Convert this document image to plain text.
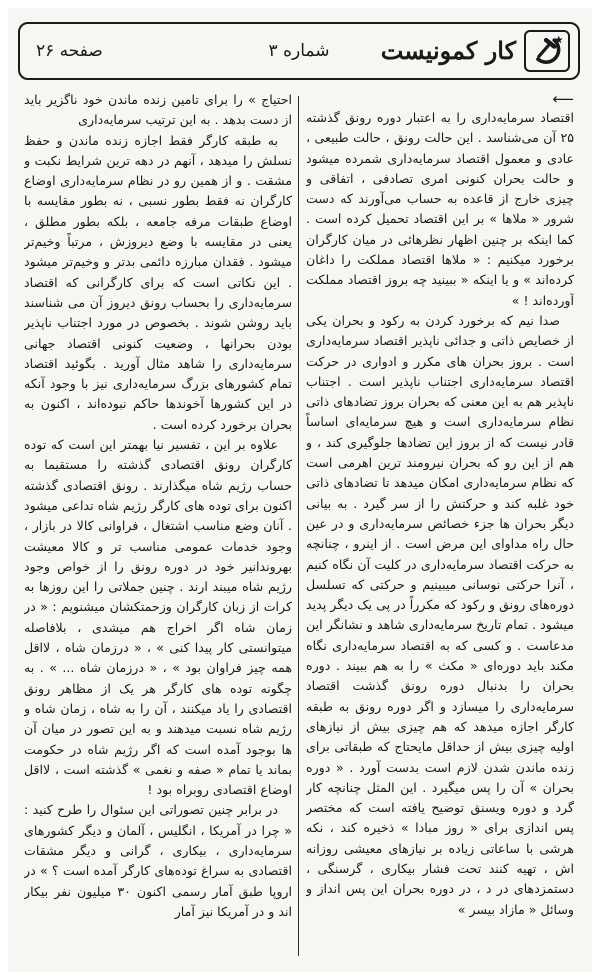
کار کمونیست
شماره ۳
صفحه ۲۶
⟵

اقتصاد سرمایه‌داری را به اعتبار دوره رونق گذشته ۲۵ آن می‌شناسد . این حالت رونق ، حالت طبیعی ، عادی و معمول اقتصاد سرمایه‌داری شمرده میشود و حالت بحران کنونی امری تصادفی ، اتفاقی و چیزی خارج از قاعده به حساب می‌آورند که دست شرور « ملاها » بر این اقتصاد تحمیل کرده است . کما اینکه بر چنین اظهار نظرهائی در میان کارگران برخورد میکنیم : « ملاها اقتصاد مملکت را داغان کرده‌اند » و یا اینکه « ببینید چه بروز اقتصاد مملکت آورده‌اند ! »

صدا نیم که برخورد کردن به رکود و بحران یکی از خصایص ذاتی و جدائی ناپذیر اقتصاد سرمایه‌داری است . بروز بحران های مکرر و ادواری در حرکت اقتصاد سرمایه‌داری اجتناب ناپذیر است . اجتناب ناپذیر هم به این معنی که بحران بروز تضادهای ذاتی نظام سرمایه‌داری است و هیچ سرمایه‌ای اساساً قادر نیست که از بروز این تضادها جلوگیری کند ، و هم از این رو که بحران نیرومند ترین اهرمی است که نظام سرمایه‌داری امکان میدهد تا تضادهای ذاتی خود غلبه کند و حرکتش را از سر گیرد . به بیانی دیگر بحران ها جزء خصائص سرمایه‌داری و در عین حال راه مداوای این مرض است . از اینرو ، چنانچه به حرکت اقتصاد سرمایه‌داری در کلیت آن نگاه کنیم ، آنرا حرکتی نوسانی میبینیم و حرکتی که تسلسل دوره‌های رونق و رکود که مکرراً در پی یک دیگر پدید میشود . تمام تاریخ سرمایه‌داری شاهد و نشانگر این مدعاست . و کسی که به اقتصاد سرمایه‌داری نگاه مکند باید دوره‌ای « مکث » را به هم ببیند . دوره بحران را بدنبال دوره رونق گذشت اقتصاد سرمایه‌داری را میسازد و اگر دوره رونق به طبقه کارگر اجازه میدهد که هم چیزی بیش از نیازهای اولیه چیزی بیش از حداقل مایحتاج که طبقاتی برای زنده ماندن شدن لازم است بدست آورد . « دوره بحران » آن را پس میگیرد . این المثل چنانچه کار گرد و دوره ویسنق توضیح یافته است که مختصر پس اندازی برای « روز مبادا » ذخیره کند ، نکه هرشی با ساعاتی زیاده بر نیازهای معیشی روزانه اش ، تهیه کنند تحت فشار بیکاری ، گرسنگی ، دستمزدهای در د ، در دوره بحران این پس انداز و وسائل « مازاد بیسر »

احتیاج » را برای تامین زنده ماندن خود ناگزیر باید از دست بدهد . به این ترتیب سرمایه‌داری

به طبقه کارگر فقط اجازه زنده ماندن و حفظ نسلش را میدهد ، آنهم در دهه ترین شرایط نکبت و مشقت . و از همین رو در نظام سرمایه‌داری اوضاع کارگران نه فقط بطور نسبی ، نه بطور مقایسه با اوضاع طبقات مرفه جامعه ، بلکه بطور مطلق ، یعنی در مقایسه با وضع دیروزش ، مرتباً وخیم‌تر میشود . فقدان مبارزه دائمی بدتر و وخیم‌تر میشود . این نکاتی است که برای کارگرانی که اقتصاد سرمایه‌داری را بحساب رونق دیروز آن می شناسند باید روشن شوند . بخصوص در مورد اجتناب ناپذیر بودن بحرانها ، وضعیت کنونی اقتصاد جهانی سرمایه‌داری را شاهد مثال آورید . بگوئید اقتصاد تمام کشورهای بزرگ سرمایه‌داری نیز با وجود آنکه در این کشورها آخوندها حاکم نبوده‌اند ، اکنون به بحران برخورد کرده است .

علاوه بر این ، تفسیر نیا بهمتر این است که توده کارگران رونق اقتصادی گذشته را مستقیما به حساب رژیم شاه میگذارند . رونق اقتصادی گذشته اکنون برای توده های کارگر رژیم شاه تداعی میشود . آنان وضع مناسب اشتغال ، فراوانی کالا در بازار ، وجود خدمات عمومی مناسب تر و کالا معیشت بهروندانیر خود در دوره رونق را از خواص وجود رژیم شاه میبند ارند . چنین جملاتی را این روزها به کرات از زبان کارگران وزحمتکشان میشنویم : « در زمان شاه اگر اخراج هم میشدی ، بلافاصله میتوانستی کار پیدا کنی » ، « درزمان شاه ، لااقل همه چیز فراوان بود » ، « درزمان شاه ... » . به چگونه توده های کارگر هر یک از مظاهر رونق اقتصادی را یاد میکنند ، آن را به شاه ، زمان شاه و رژیم شاه نسبت میدهند و به این تصور در میان آن ها بوجود آمده است که اگر رژیم شاه در حکومت بماند یا تمام « صفه و نغمی » گذشته است ، لااقل اوضاع اقتصادی روبراه بود !

در برابر چنین تصوراتی این سئوال را طرح کنید : « چرا در آمریکا ، انگلیس ، آلمان و دیگر کشورهای سرمایه‌داری ، بیکاری ، گرانی و دیگر مشقات اقتصادی به سراغ توده‌های کارگر آمده است ؟ » در اروپا طبق آمار رسمی اکنون ۳۰ میلیون نفر بیکار اند و در آمریکا نیز آمار
